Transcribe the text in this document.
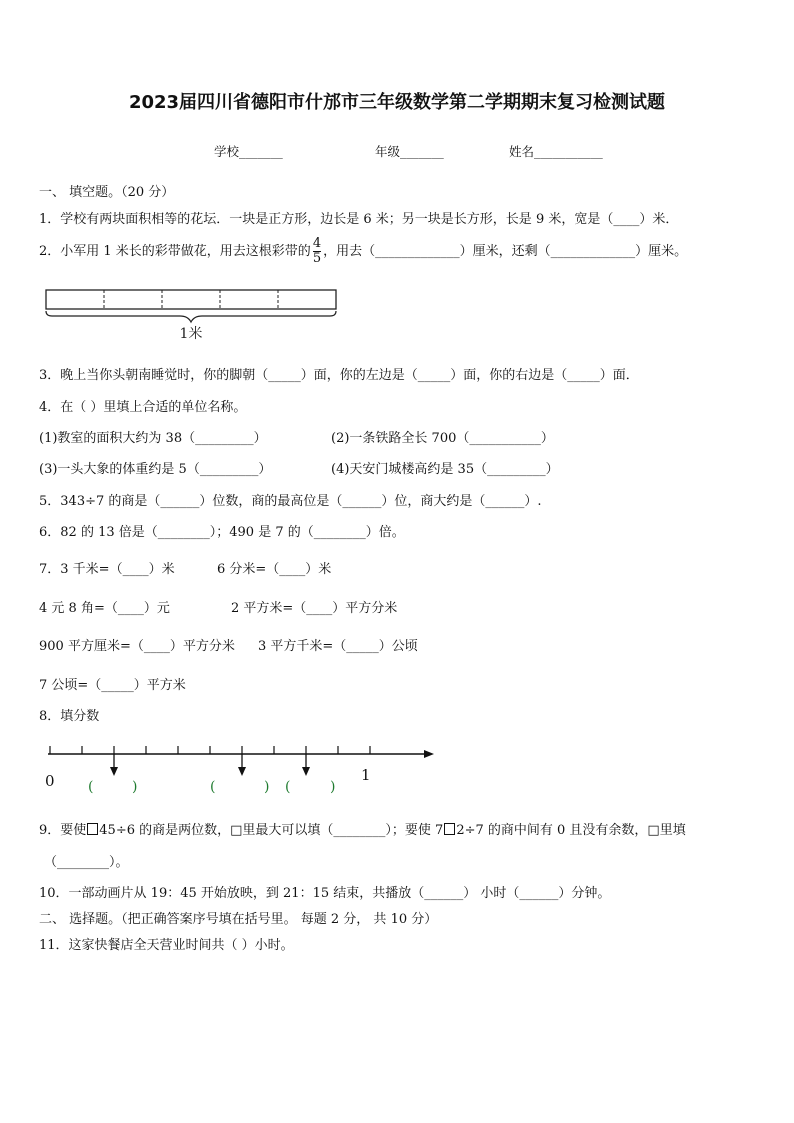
2023届四川省德阳市什邡市三年级数学第二学期期末复习检测试题
学校_______	年级_______	姓名___________
一、 填空题。（20 分）
1．学校有两块面积相等的花坛．一块是正方形，边长是 6 米；另一块是长方形，长是 9 米，宽是（____）米．
2．小军用 1 米长的彩带做花，用去这根彩带的 $\frac{4}{5}$ ，用去（_____________）厘米，还剩（_____________）厘米。
1米
3．晚上当你头朝南睡觉时，你的脚朝（_____）面，你的左边是（_____）面，你的右边是（_____）面．
4．在（ ）里填上合适的单位名称。
(1)教室的面积大约为 38（_________）	(2)一条铁路全长 700（___________）
(3)一头大象的体重约是 5（_________）	(4)天安门城楼高约是 35（_________）
5．343÷7 的商是（______）位数，商的最高位是（______）位，商大约是（______）.
6．82 的 13 倍是（________）；490 是 7 的（________）倍。
7．3 千米=（____）米	6 分米=（____）米
4 元 8 角=（____）元	2 平方米=（____）平方分米
900 平方厘米=（____）平方分米 3 平方千米=（_____）公顷
7 公顷=（_____）平方米
8．填分数
0	1
(	)	(	) (	)
9．要使 45÷6 的商是两位数，□里最大可以填（________）；要使 7 2÷7 的商中间有 0 且没有余数，□里填
（________）。
10．一部动画片从 19：45 开始放映，到 21：15 结束，共播放（______） 小时（______）分钟。
二、 选择题。（把正确答案序号填在括号里。 每题 2 分， 共 10 分）
11．这家快餐店全天营业时间共（ ）小时。
